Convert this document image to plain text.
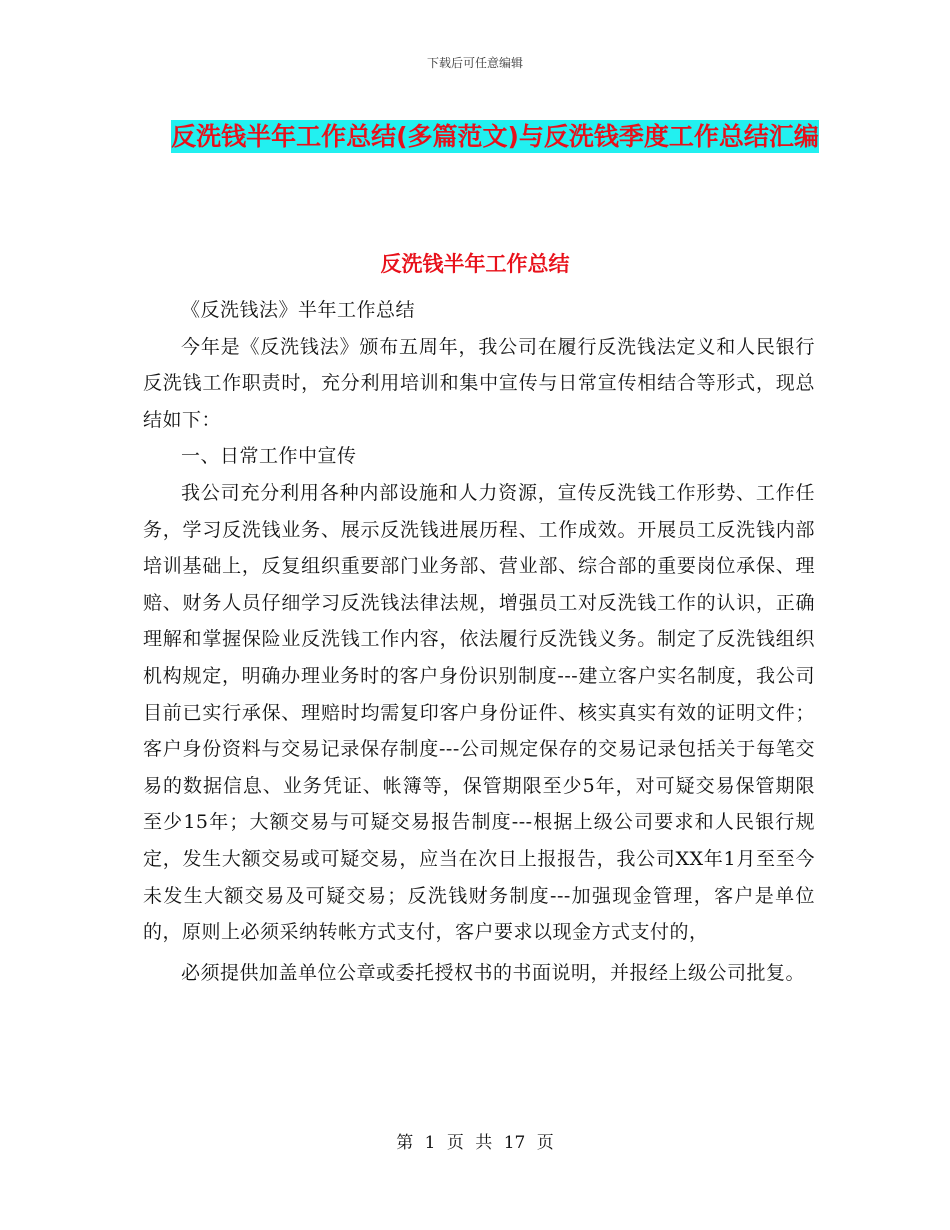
下载后可任意编辑
反洗钱半年工作总结(多篇范文)与反洗钱季度工作总结汇编
反洗钱半年工作总结

《反洗钱法》半年工作总结

今年是《反洗钱法》颁布五周年，我公司在履行反洗钱法定义和人民银行反洗钱工作职责时，充分利用培训和集中宣传与日常宣传相结合等形式，现总结如下：

一、日常工作中宣传

我公司充分利用各种内部设施和人力资源，宣传反洗钱工作形势、工作任务，学习反洗钱业务、展示反洗钱进展历程、工作成效。开展员工反洗钱内部培训基础上，反复组织重要部门业务部、营业部、综合部的重要岗位承保、理赔、财务人员仔细学习反洗钱法律法规，增强员工对反洗钱工作的认识，正确理解和掌握保险业反洗钱工作内容，依法履行反洗钱义务。制定了反洗钱组织机构规定，明确办理业务时的客户身份识别制度---建立客户实名制度，我公司目前已实行承保、理赔时均需复印客户身份证件、核实真实有效的证明文件；客户身份资料与交易记录保存制度---公司规定保存的交易记录包括关于每笔交易的数据信息、业务凭证、帐簿等，保管期限至少5年，对可疑交易保管期限至少15年；大额交易与可疑交易报告制度---根据上级公司要求和人民银行规定，发生大额交易或可疑交易，应当在次日上报报告，我公司XX年1月至至今未发生大额交易及可疑交易；反洗钱财务制度---加强现金管理，客户是单位的，原则上必须采纳转帐方式支付，客户要求以现金方式支付的，

必须提供加盖单位公章或委托授权书的书面说明，并报经上级公司批复。

第 1 页 共 17 页
